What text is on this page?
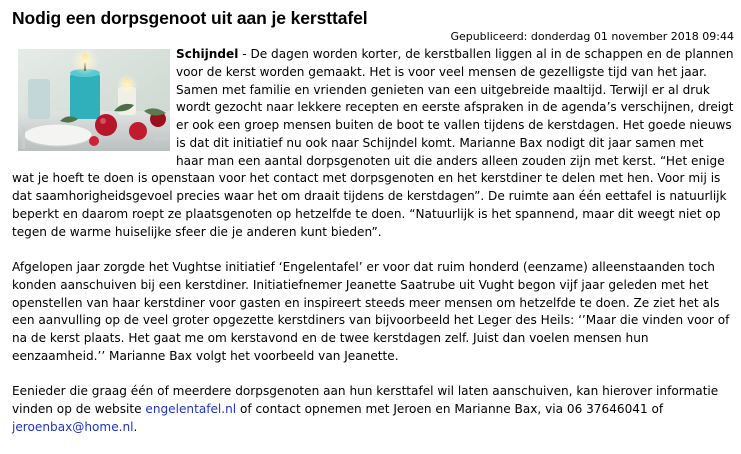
Nodig een dorpsgenoot uit aan je kersttafel
Gepubliceerd: donderdag 01 november 2018 09:44

Schijndel - De dagen worden korter, de kerstballen liggen al in de schappen en de plannen voor de kerst worden gemaakt. Het is voor veel mensen de gezelligste tijd van het jaar. Samen met familie en vrienden genieten van een uitgebreide maaltijd. Terwijl er al druk wordt gezocht naar lekkere recepten en eerste afspraken in de agenda’s verschijnen, dreigt er ook een groep mensen buiten de boot te vallen tijdens de kerstdagen. Het goede nieuws is dat dit initiatief nu ook naar Schijndel komt. Marianne Bax nodigt dit jaar samen met haar man een aantal dorpsgenoten uit die anders alleen zouden zijn met kerst. “Het enige wat je hoeft te doen is openstaan voor het contact met dorpsgenoten en het kerstdiner te delen met hen. Voor mij is dat saamhorigheidsgevoel precies waar het om draait tijdens de kerstdagen”. De ruimte aan één eettafel is natuurlijk beperkt en daarom roept ze plaatsgenoten op hetzelfde te doen. “Natuurlijk is het spannend, maar dit weegt niet op tegen de warme huiselijke sfeer die je anderen kunt bieden”.

Afgelopen jaar zorgde het Vughtse initiatief ‘Engelentafel’ er voor dat ruim honderd (eenzame) alleenstaanden toch konden aanschuiven bij een kerstdiner. Initiatiefnemer Jeanette Saatrube uit Vught begon vijf jaar geleden met het openstellen van haar kerstdiner voor gasten en inspireert steeds meer mensen om hetzelfde te doen. Ze ziet het als een aanvulling op de veel groter opgezette kerstdiners van bijvoorbeeld het Leger des Heils: ‘’Maar die vinden voor of na de kerst plaats. Het gaat me om kerstavond en de twee kerstdagen zelf. Juist dan voelen mensen hun eenzaamheid.’’ Marianne Bax volgt het voorbeeld van Jeanette.

Eenieder die graag één of meerdere dorpsgenoten aan hun kersttafel wil laten aanschuiven, kan hierover informatie vinden op de website engelentafel.nl of contact opnemen met Jeroen en Marianne Bax, via 06 37646041 of jeroenbax@home.nl.
